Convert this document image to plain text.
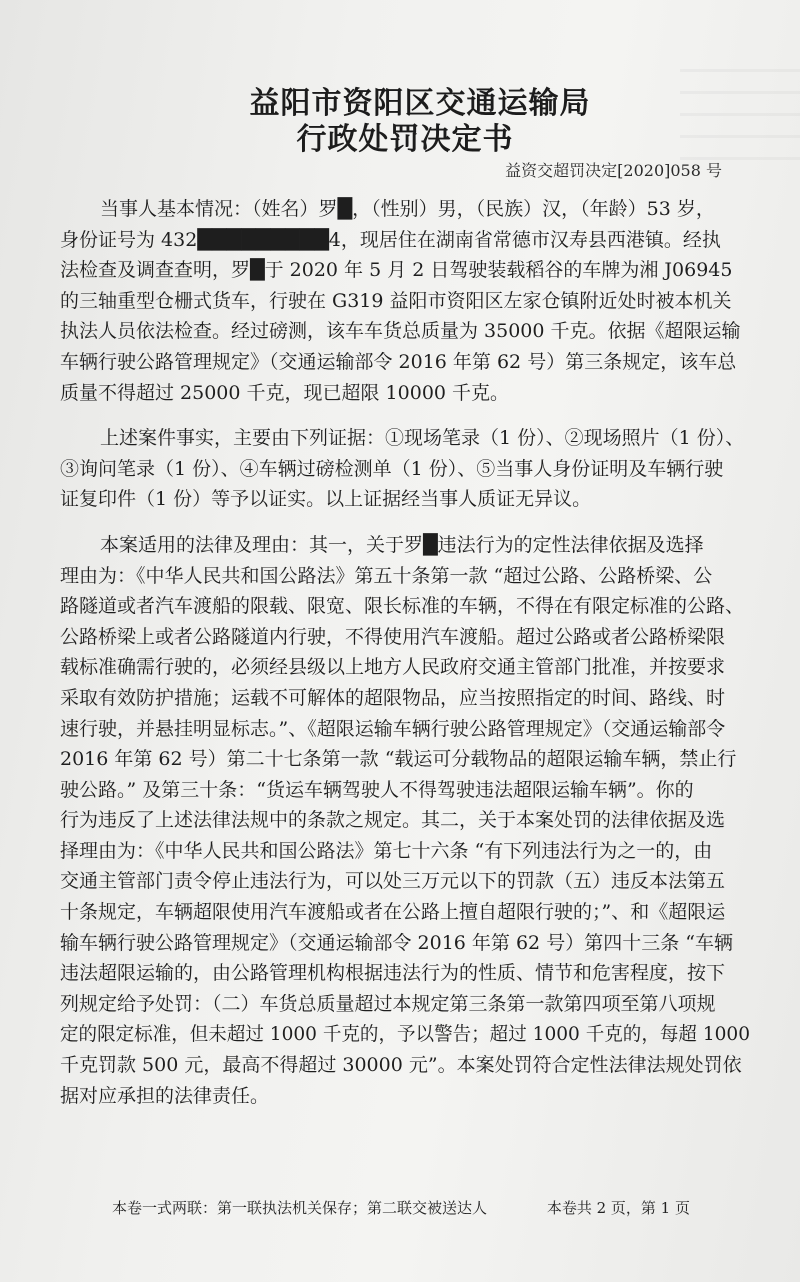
益阳市资阳区交通运输局
行政处罚决定书
益资交超罚决定[2020]058 号
当事人基本情况：（姓名）罗█，（性别）男，（民族）汉，（年龄）53 岁，
身份证号为 432█████████4，现居住在湖南省常德市汉寿县西港镇。经执
法检查及调查查明，罗█于 2020 年 5 月 2 日驾驶装载稻谷的车牌为湘 J06945
的三轴重型仓栅式货车，行驶在 G319 益阳市资阳区左家仓镇附近处时被本机关
执法人员依法检查。经过磅测，该车车货总质量为 35000 千克。依据《超限运输
车辆行驶公路管理规定》（交通运输部令 2016 年第 62 号）第三条规定，该车总
质量不得超过 25000 千克，现已超限 10000 千克。
上述案件事实，主要由下列证据：①现场笔录（1 份）、②现场照片（1 份）、
③询问笔录（1 份）、④车辆过磅检测单（1 份）、⑤当事人身份证明及车辆行驶
证复印件（1 份）等予以证实。以上证据经当事人质证无异议。
本案适用的法律及理由：其一，关于罗█违法行为的定性法律依据及选择
理由为：《中华人民共和国公路法》第五十条第一款 “超过公路、公路桥梁、公
路隧道或者汽车渡船的限载、限宽、限长标准的车辆，不得在有限定标准的公路、
公路桥梁上或者公路隧道内行驶，不得使用汽车渡船。超过公路或者公路桥梁限
载标准确需行驶的，必须经县级以上地方人民政府交通主管部门批准，并按要求
采取有效防护措施；运载不可解体的超限物品，应当按照指定的时间、路线、时
速行驶，并悬挂明显标志。”、《超限运输车辆行驶公路管理规定》（交通运输部令
2016 年第 62 号）第二十七条第一款 “载运可分载物品的超限运输车辆，禁止行
驶公路。” 及第三十条：“货运车辆驾驶人不得驾驶违法超限运输车辆”。你的
行为违反了上述法律法规中的条款之规定。其二，关于本案处罚的法律依据及选
择理由为：《中华人民共和国公路法》第七十六条 “有下列违法行为之一的，由
交通主管部门责令停止违法行为，可以处三万元以下的罚款（五）违反本法第五
十条规定，车辆超限使用汽车渡船或者在公路上擅自超限行驶的；”、和《超限运
输车辆行驶公路管理规定》（交通运输部令 2016 年第 62 号）第四十三条 “车辆
违法超限运输的，由公路管理机构根据违法行为的性质、情节和危害程度，按下
列规定给予处罚：（二）车货总质量超过本规定第三条第一款第四项至第八项规
定的限定标准，但未超过 1000 千克的，予以警告；超过 1000 千克的，每超 1000
千克罚款 500 元，最高不得超过 30000 元”。本案处罚符合定性法律法规处罚依
据对应承担的法律责任。
本卷一式两联：第一联执法机关保存；第二联交被送达人	本卷共 2 页，第 1 页
